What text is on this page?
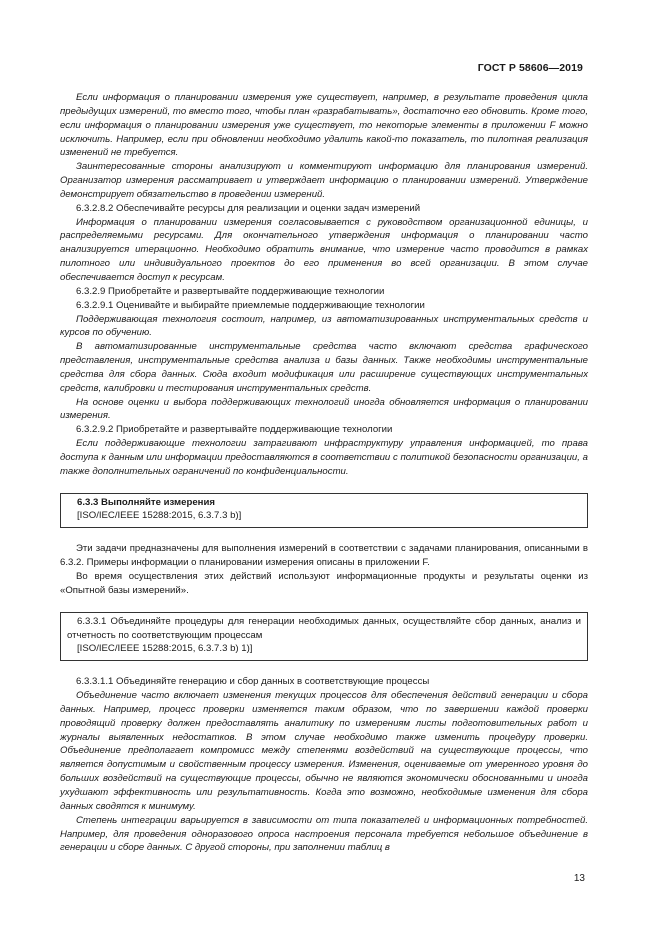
ГОСТ Р 58606—2019

Если информация о планировании измерения уже существует, например, в результате проведения цикла предыдущих измерений, то вместо того, чтобы план «разрабатывать», достаточно его обновить. Кроме того, если информация о планировании измерения уже существует, то некоторые элементы в приложении F можно исключить. Например, если при обновлении необходимо удалить какой-то показатель, то пилотная реализация изменений не требуется.

Заинтересованные стороны анализируют и комментируют информацию для планирования измерений. Организатор измерения рассматривает и утверждает информацию о планировании измерений. Утверждение демонстрирует обязательство в проведении измерений.

6.3.2.8.2 Обеспечивайте ресурсы для реализации и оценки задач измерений

Информация о планировании измерения согласовывается с руководством организационной единицы, и распределяемыми ресурсами. Для окончательного утверждения информация о планировании часто анализируется итерационно. Необходимо обратить внимание, что измерение часто проводится в рамках пилотного или индивидуального проектов до его применения во всей организации. В этом случае обеспечивается доступ к ресурсам.

6.3.2.9 Приобретайте и развертывайте поддерживающие технологии

6.3.2.9.1 Оценивайте и выбирайте приемлемые поддерживающие технологии

Поддерживающая технология состоит, например, из автоматизированных инструментальных средств и курсов по обучению.

В автоматизированные инструментальные средства часто включают средства графического представления, инструментальные средства анализа и базы данных. Также необходимы инструментальные средства для сбора данных. Сюда входит модификация или расширение существующих инструментальных средств, калибровки и тестирования инструментальных средств.

На основе оценки и выбора поддерживающих технологий иногда обновляется информация о планировании измерения.

6.3.2.9.2 Приобретайте и развертывайте поддерживающие технологии

Если поддерживающие технологии затрагивают инфраструктуру управления информацией, то права доступа к данным или информации предоставляются в соответствии с политикой безопасности организации, а также дополнительных ограничений по конфиденциальности.

6.3.3 Выполняйте измерения

[ISO/IEC/IEEE 15288:2015, 6.3.7.3 b)]

Эти задачи предназначены для выполнения измерений в соответствии с задачами планирования, описанными в 6.3.2. Примеры информации о планировании измерения описаны в приложении F.

Во время осуществления этих действий используют информационные продукты и результаты оценки из «Опытной базы измерений».

6.3.3.1 Объединяйте процедуры для генерации необходимых данных, осуществляйте сбор данных, анализ и отчетность по соответствующим процессам

[ISO/IEC/IEEE 15288:2015, 6.3.7.3 b) 1)]

6.3.3.1.1 Объединяйте генерацию и сбор данных в соответствующие процессы

Объединение часто включает изменения текущих процессов для обеспечения действий генерации и сбора данных. Например, процесс проверки изменяется таким образом, что по завершении каждой проверки проводящий проверку должен предоставлять аналитику по измерениям листы подготовительных работ и журналы выявленных недостатков. В этом случае необходимо также изменить процедуру проверки. Объединение предполагает компромисс между степенями воздействий на существующие процессы, что является допустимым и свойственным процессу измерения. Изменения, оцениваемые от умеренного уровня до больших воздействий на существующие процессы, обычно не являются экономически обоснованными и иногда ухудшают эффективность или результативность. Когда это возможно, необходимые изменения для сбора данных сводятся к минимуму.

Степень интеграции варьируется в зависимости от типа показателей и информационных потребностей. Например, для проведения одноразового опроса настроения персонала требуется небольшое объединение в генерации и сборе данных. С другой стороны, при заполнении таблиц в

13
